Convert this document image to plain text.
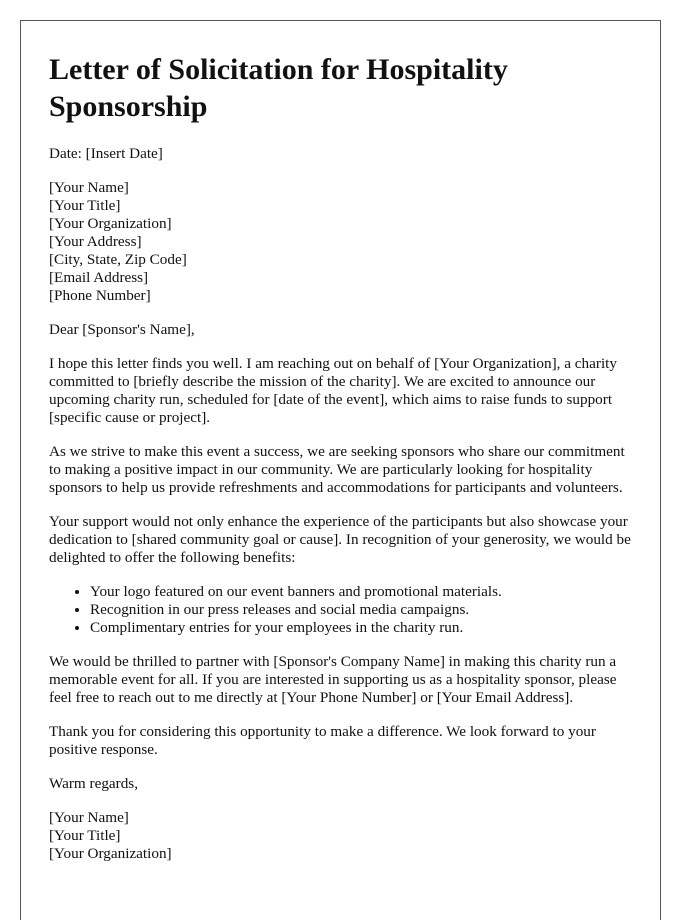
Letter of Solicitation for Hospitality Sponsorship

Date: [Insert Date]

[Your Name]
[Your Title]
[Your Organization]
[Your Address]
[City, State, Zip Code]
[Email Address]
[Phone Number]

Dear [Sponsor's Name],

I hope this letter finds you well. I am reaching out on behalf of [Your Organization], a charity committed to [briefly describe the mission of the charity]. We are excited to announce our upcoming charity run, scheduled for [date of the event], which aims to raise funds to support [specific cause or project].

As we strive to make this event a success, we are seeking sponsors who share our commitment to making a positive impact in our community. We are particularly looking for hospitality sponsors to help us provide refreshments and accommodations for participants and volunteers.

Your support would not only enhance the experience of the participants but also showcase your dedication to [shared community goal or cause]. In recognition of your generosity, we would be delighted to offer the following benefits:

• Your logo featured on our event banners and promotional materials.
• Recognition in our press releases and social media campaigns.
• Complimentary entries for your employees in the charity run.

We would be thrilled to partner with [Sponsor's Company Name] in making this charity run a memorable event for all. If you are interested in supporting us as a hospitality sponsor, please feel free to reach out to me directly at [Your Phone Number] or [Your Email Address].

Thank you for considering this opportunity to make a difference. We look forward to your positive response.

Warm regards,

[Your Name]
[Your Title]
[Your Organization]
